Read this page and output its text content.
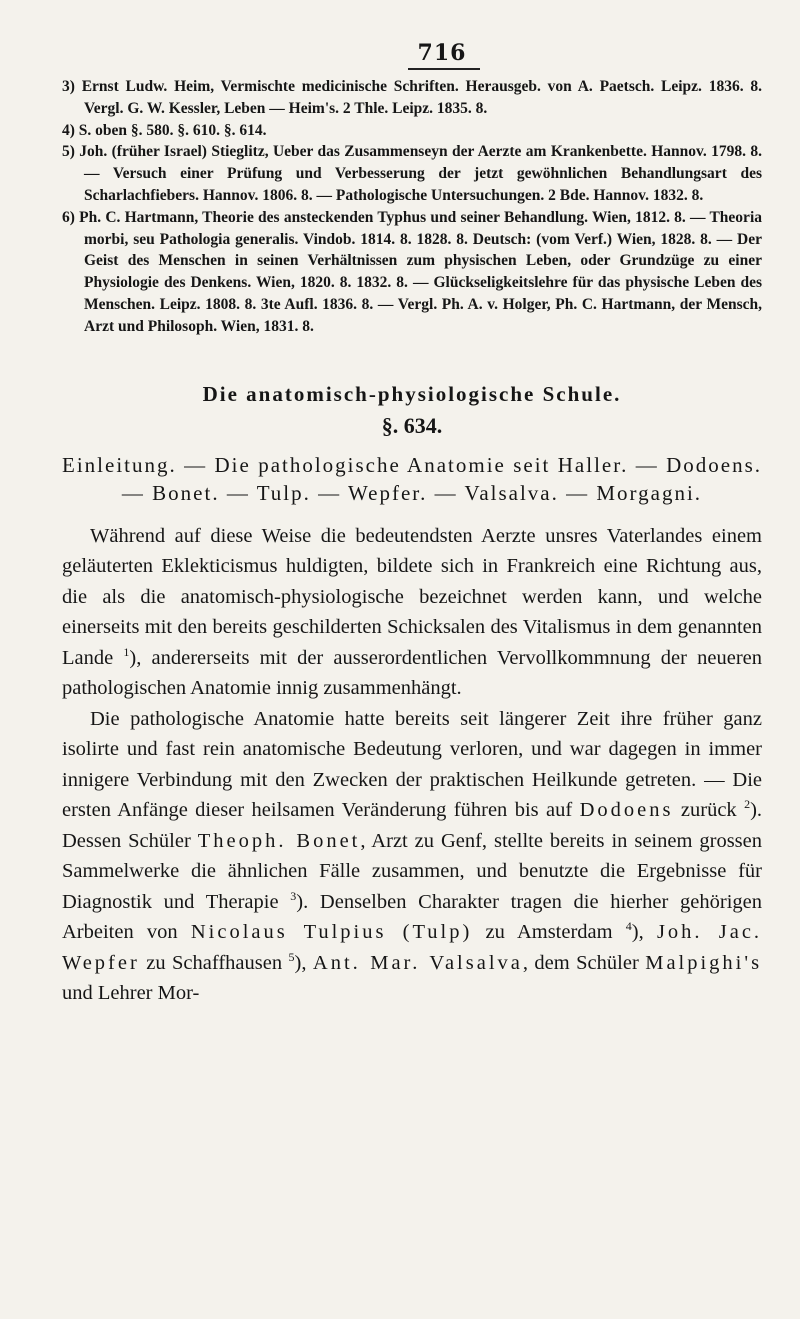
716

3) Ernst Ludw. Heim, Vermischte medicinische Schriften. Herausgeb. von A. Paetsch. Leipz. 1836. 8. Vergl. G. W. Kessler, Leben — Heim's. 2 Thle. Leipz. 1835. 8.

4) S. oben §. 580. §. 610. §. 614.

5) Joh. (früher Israel) Stieglitz, Ueber das Zusammenseyn der Aerzte am Krankenbette. Hannov. 1798. 8. — Versuch einer Prüfung und Verbesserung der jetzt gewöhnlichen Behandlungsart des Scharlachfiebers. Hannov. 1806. 8. — Pathologische Untersuchungen. 2 Bde. Hannov. 1832. 8.

6) Ph. C. Hartmann, Theorie des ansteckenden Typhus und seiner Behandlung. Wien, 1812. 8. — Theoria morbi, seu Pathologia generalis. Vindob. 1814. 8. 1828. 8. Deutsch: (vom Verf.) Wien, 1828. 8. — Der Geist des Menschen in seinen Verhältnissen zum physischen Leben, oder Grundzüge zu einer Physiologie des Denkens. Wien, 1820. 8. 1832. 8. — Glückseligkeitslehre für das physische Leben des Menschen. Leipz. 1808. 8. 3te Aufl. 1836. 8. — Vergl. Ph. A. v. Holger, Ph. C. Hartmann, der Mensch, Arzt und Philosoph. Wien, 1831. 8.

Die anatomisch-physiologische Schule.
§. 634.
Einleitung. — Die pathologische Anatomie seit Haller. — Dodoens. — Bonet. — Tulp. — Wepfer. — Valsalva. — Morgagni.

Während auf diese Weise die bedeutendsten Aerzte unsres Vaterlandes einem geläuterten Eklekticismus huldigten, bildete sich in Frankreich eine Richtung aus, die als die anatomisch-physiologische bezeichnet werden kann, und welche einerseits mit den bereits geschilderten Schicksalen des Vitalismus in dem genannten Lande $^1$), andererseits mit der ausserordentlichen Vervollkommnung der neueren pathologischen Anatomie innig zusammenhängt.

Die pathologische Anatomie hatte bereits seit längerer Zeit ihre früher ganz isolirte und fast rein anatomische Bedeutung verloren, und war dagegen in immer innigere Verbindung mit den Zwecken der praktischen Heilkunde getreten. — Die ersten Anfänge dieser heilsamen Veränderung führen bis auf Dodoens zurück $^2$). Dessen Schüler Theoph. Bonet, Arzt zu Genf, stellte bereits in seinem grossen Sammelwerke die ähnlichen Fälle zusammen, und benutzte die Ergebnisse für Diagnostik und Therapie $^3$). Denselben Charakter tragen die hierher gehörigen Arbeiten von Nicolaus Tulpius (Tulp) zu Amsterdam $^4$), Joh. Jac. Wepfer zu Schaffhausen $^5$), Ant. Mar. Valsalva, dem Schüler Malpighi's und Lehrer Mor-
